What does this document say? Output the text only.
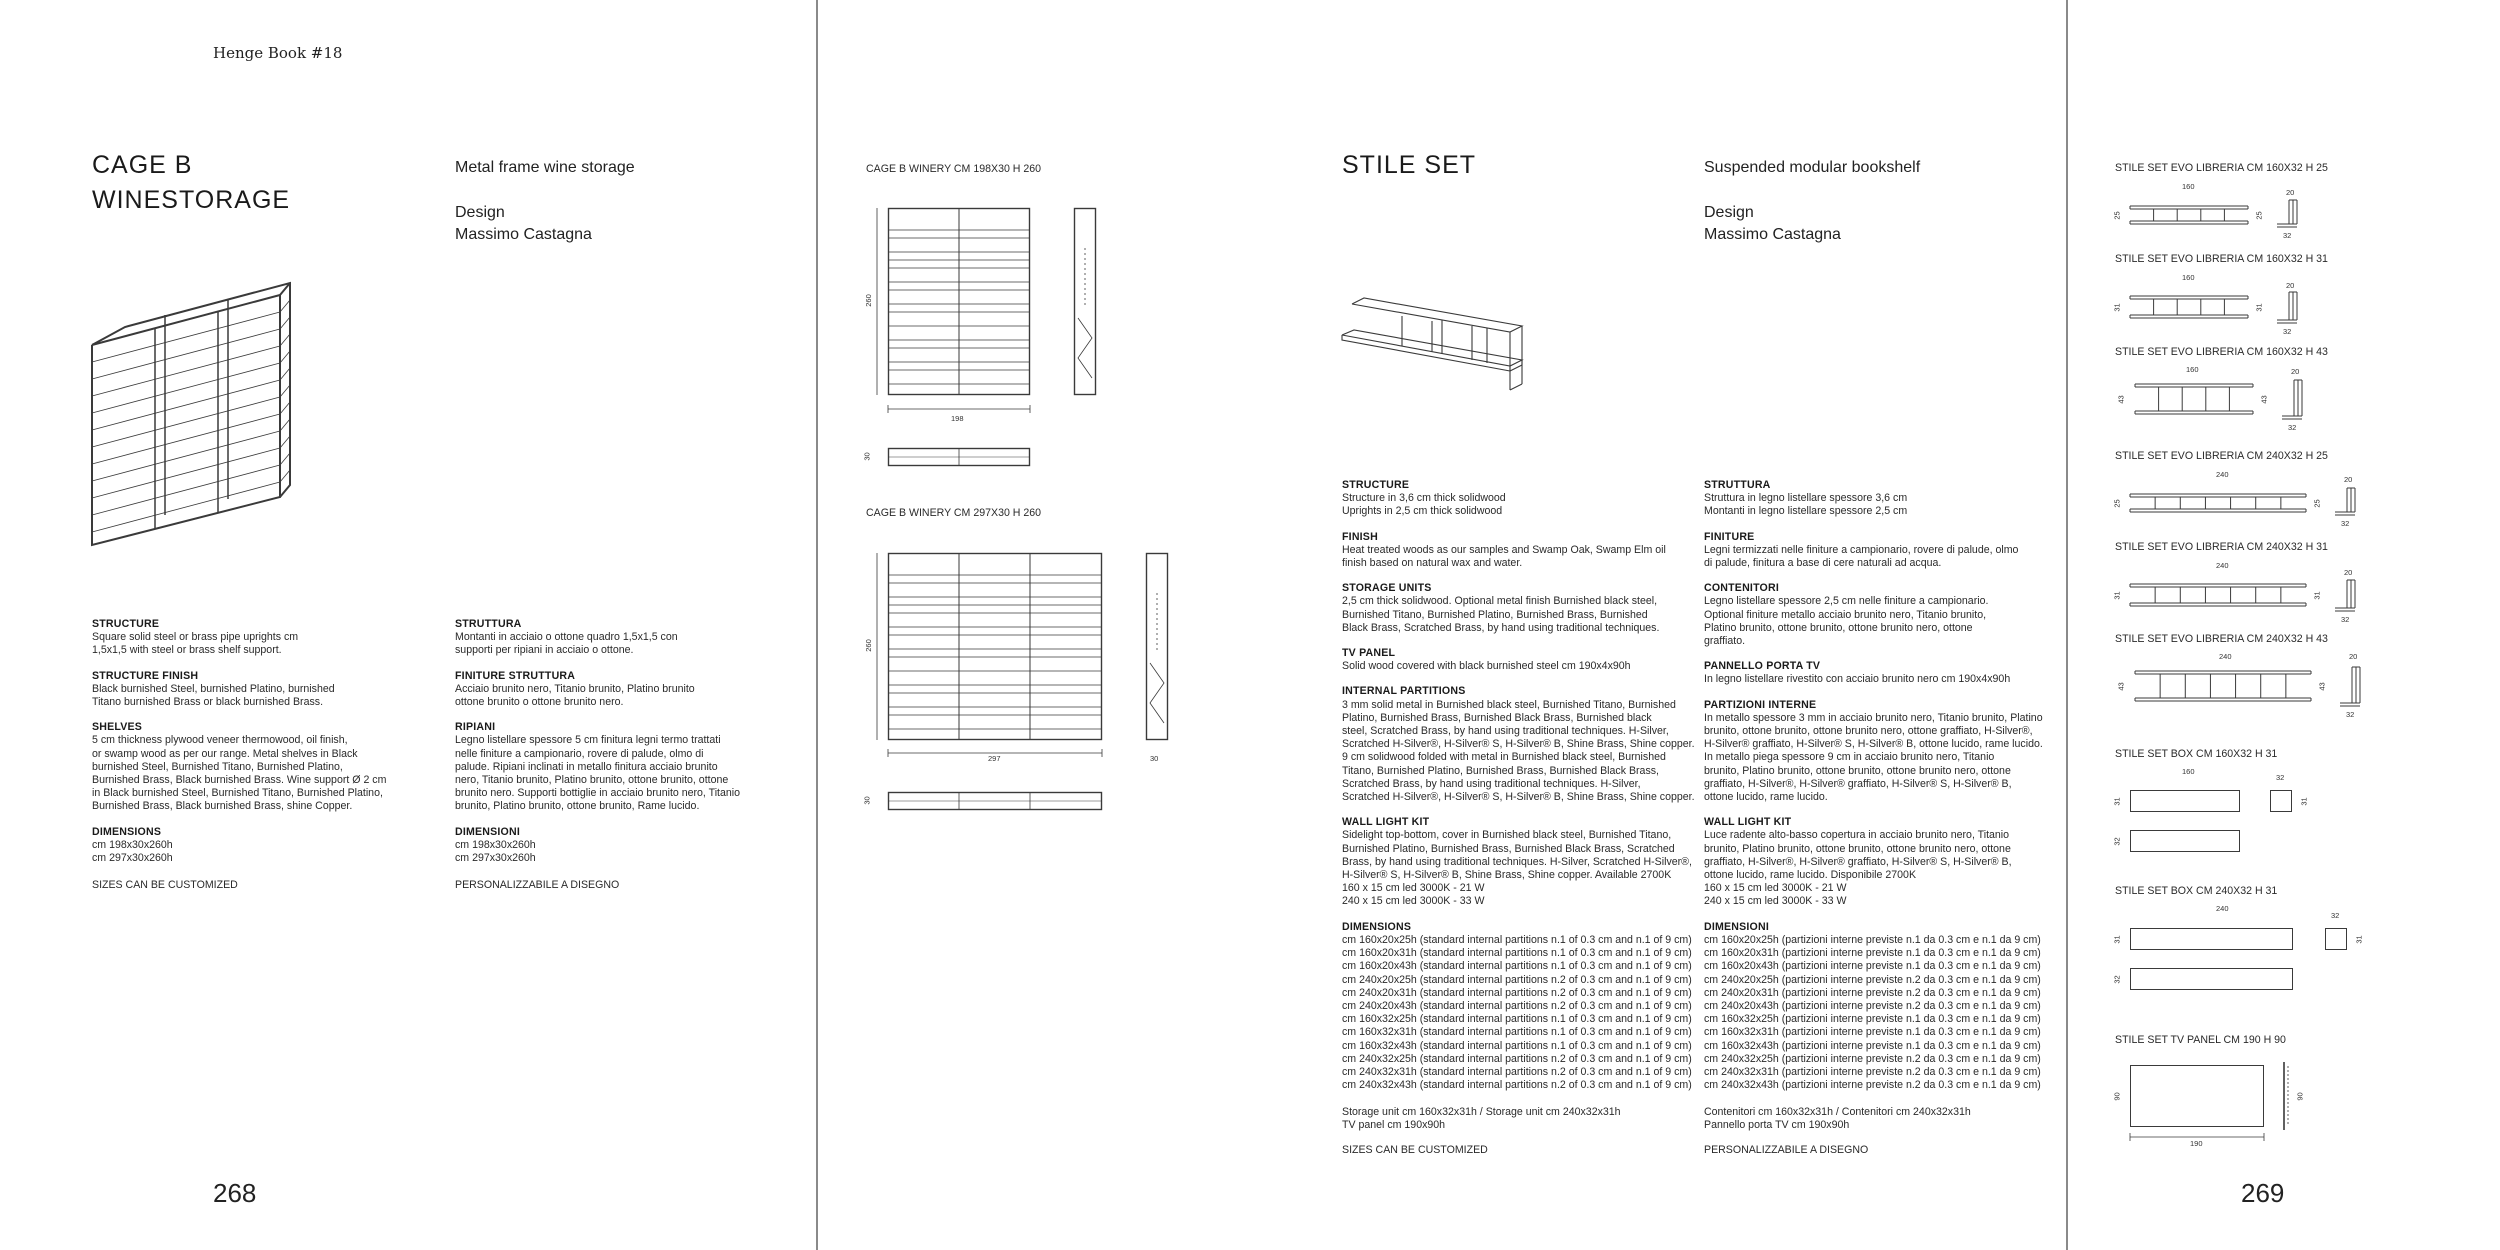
Henge Book #18
CAGE B
WINESTORAGE
Metal frame wine storage
Design
Massimo Castagna
STRUCTURE
Square solid steel or brass pipe uprights cm
1,5x1,5 with steel or brass shelf support.
STRUCTURE FINISH
Black burnished Steel, burnished Platino, burnished
Titano burnished Brass or black burnished Brass.
SHELVES
5 cm thickness plywood veneer thermowood, oil finish,
or swamp wood as per our range. Metal shelves in Black
burnished Steel, Burnished Titano, Burnished Platino,
Burnished Brass, Black burnished Brass. Wine support Ø 2 cm
in Black burnished Steel, Burnished Titano, Burnished Platino,
Burnished Brass, Black burnished Brass, shine Copper.
DIMENSIONS
cm 198x30x260h
cm 297x30x260h
SIZES CAN BE CUSTOMIZED
STRUTTURA
Montanti in acciaio o ottone quadro 1,5x1,5 con
supporti per ripiani in acciaio o ottone.
FINITURE STRUTTURA
Acciaio brunito nero, Titanio brunito, Platino brunito
ottone brunito o ottone brunito nero.
RIPIANI
Legno listellare spessore 5 cm finitura legni termo trattati
nelle finiture a campionario, rovere di palude, olmo di
palude. Ripiani inclinati in metallo finitura acciaio brunito
nero, Titanio brunito, Platino brunito, ottone brunito, ottone
brunito nero. Supporti bottiglie in acciaio brunito nero, Titanio
brunito, Platino brunito, ottone brunito, Rame lucido.
DIMENSIONI
cm 198x30x260h
cm 297x30x260h
PERSONALIZZABILE A DISEGNO
268
CAGE B WINERY CM 198X30 H 260
260
198
30
CAGE B WINERY CM 297X30 H 260
260
297	30
30
STILE SET	Suspended modular bookshelf
Design
Massimo Castagna
STRUCTURE
Structure in 3,6 cm thick solidwood
Uprights in 2,5 cm thick solidwood
FINISH
Heat treated woods as our samples and Swamp Oak, Swamp Elm oil
finish based on natural wax and water.
STORAGE UNITS
2,5 cm thick solidwood. Optional metal finish Burnished black steel,
Burnished Titano, Burnished Platino, Burnished Brass, Burnished
Black Brass, Scratched Brass, by hand using traditional techniques.
TV PANEL
Solid wood covered with black burnished steel cm 190x4x90h
INTERNAL PARTITIONS
3 mm solid metal in Burnished black steel, Burnished Titano, Burnished
Platino, Burnished Brass, Burnished Black Brass, Burnished black
steel, Scratched Brass, by hand using traditional techniques. H-Silver,
Scratched H-Silver®, H-Silver® S, H-Silver® B, Shine Brass, Shine copper.
9 cm solidwood folded with metal in Burnished black steel, Burnished
Titano, Burnished Platino, Burnished Brass, Burnished Black Brass,
Scratched Brass, by hand using traditional techniques. H-Silver,
Scratched H-Silver®, H-Silver® S, H-Silver® B, Shine Brass, Shine copper.
WALL LIGHT KIT
Sidelight top-bottom, cover in Burnished black steel, Burnished Titano,
Burnished Platino, Burnished Brass, Burnished Black Brass, Scratched
Brass, by hand using traditional techniques. H-Silver, Scratched H-Silver®,
H-Silver® S, H-Silver® B, Shine Brass, Shine copper. Available 2700K
160 x 15 cm led 3000K - 21 W
240 x 15 cm led 3000K - 33 W
DIMENSIONS
cm 160x20x25h (standard internal partitions n.1 of 0.3 cm and n.1 of 9 cm)
cm 160x20x31h (standard internal partitions n.1 of 0.3 cm and n.1 of 9 cm)
cm 160x20x43h (standard internal partitions n.1 of 0.3 cm and n.1 of 9 cm)
cm 240x20x25h (standard internal partitions n.2 of 0.3 cm and n.1 of 9 cm)
cm 240x20x31h (standard internal partitions n.2 of 0.3 cm and n.1 of 9 cm)
cm 240x20x43h (standard internal partitions n.2 of 0.3 cm and n.1 of 9 cm)
cm 160x32x25h (standard internal partitions n.1 of 0.3 cm and n.1 of 9 cm)
cm 160x32x31h (standard internal partitions n.1 of 0.3 cm and n.1 of 9 cm)
cm 160x32x43h (standard internal partitions n.1 of 0.3 cm and n.1 of 9 cm)
cm 240x32x25h (standard internal partitions n.2 of 0.3 cm and n.1 of 9 cm)
cm 240x32x31h (standard internal partitions n.2 of 0.3 cm and n.1 of 9 cm)
cm 240x32x43h (standard internal partitions n.2 of 0.3 cm and n.1 of 9 cm)

Storage unit cm 160x32x31h / Storage unit cm 240x32x31h
TV panel cm 190x90h
SIZES CAN BE CUSTOMIZED
STRUTTURA
Struttura in legno listellare spessore 3,6 cm
Montanti in legno listellare spessore 2,5 cm
FINITURE
Legni termizzati nelle finiture a campionario, rovere di palude, olmo
di palude, finitura a base di cere naturali ad acqua.
CONTENITORI
Legno listellare spessore 2,5 cm nelle finiture a campionario.
Optional finiture metallo acciaio brunito nero, Titanio brunito,
Platino brunito, ottone brunito, ottone brunito nero, ottone
graffiato.
PANNELLO PORTA TV
In legno listellare rivestito con acciaio brunito nero cm 190x4x90h
PARTIZIONI INTERNE
In metallo spessore 3 mm in acciaio brunito nero, Titanio brunito, Platino
brunito, ottone brunito, ottone brunito nero, ottone graffiato, H-Silver®,
H-Silver® graffiato, H-Silver® S, H-Silver® B, ottone lucido, rame lucido.
In metallo piega spessore 9 cm in acciaio brunito nero, Titanio
brunito, Platino brunito, ottone brunito, ottone brunito nero, ottone
graffiato, H-Silver®, H-Silver® graffiato, H-Silver® S, H-Silver® B,
ottone lucido, rame lucido.
WALL LIGHT KIT
Luce radente alto-basso copertura in acciaio brunito nero, Titanio
brunito, Platino brunito, ottone brunito, ottone brunito nero, ottone
graffiato, H-Silver®, H-Silver® graffiato, H-Silver® S, H-Silver® B,
ottone lucido, rame lucido. Disponibile 2700K
160 x 15 cm led 3000K - 21 W
240 x 15 cm led 3000K - 33 W
DIMENSIONI
cm 160x20x25h (partizioni interne previste n.1 da 0.3 cm e n.1 da 9 cm)
cm 160x20x31h (partizioni interne previste n.1 da 0.3 cm e n.1 da 9 cm)
cm 160x20x43h (partizioni interne previste n.1 da 0.3 cm e n.1 da 9 cm)
cm 240x20x25h (partizioni interne previste n.2 da 0.3 cm e n.1 da 9 cm)
cm 240x20x31h (partizioni interne previste n.2 da 0.3 cm e n.1 da 9 cm)
cm 240x20x43h (partizioni interne previste n.2 da 0.3 cm e n.1 da 9 cm)
cm 160x32x25h (partizioni interne previste n.1 da 0.3 cm e n.1 da 9 cm)
cm 160x32x31h (partizioni interne previste n.1 da 0.3 cm e n.1 da 9 cm)
cm 160x32x43h (partizioni interne previste n.1 da 0.3 cm e n.1 da 9 cm)
cm 240x32x25h (partizioni interne previste n.2 da 0.3 cm e n.1 da 9 cm)
cm 240x32x31h (partizioni interne previste n.2 da 0.3 cm e n.1 da 9 cm)
cm 240x32x43h (partizioni interne previste n.2 da 0.3 cm e n.1 da 9 cm)

Contenitori cm 160x32x31h / Contenitori cm 240x32x31h
Pannello porta TV cm 190x90h
PERSONALIZZABILE A DISEGNO
269
STILE SET EVO LIBRERIA CM 160X32 H 25
160
25	25
20
32
STILE SET EVO LIBRERIA CM 160X32 H 31
160
31	31
20
32
STILE SET EVO LIBRERIA CM 160X32 H 43
160
43	43
20
32
STILE SET EVO LIBRERIA CM 240X32 H 25
240
25	25
20
32
STILE SET EVO LIBRERIA CM 240X32 H 31
240
31	31
20
32
STILE SET EVO LIBRERIA CM 240X32 H 43
240
43	43
20
32
STILE SET BOX CM 160X32 H 31
160
31
32
31
32
STILE SET BOX CM 240X32 H 31
240
31
32
31
32
STILE SET TV PANEL CM 190 H 90
90
190
90
